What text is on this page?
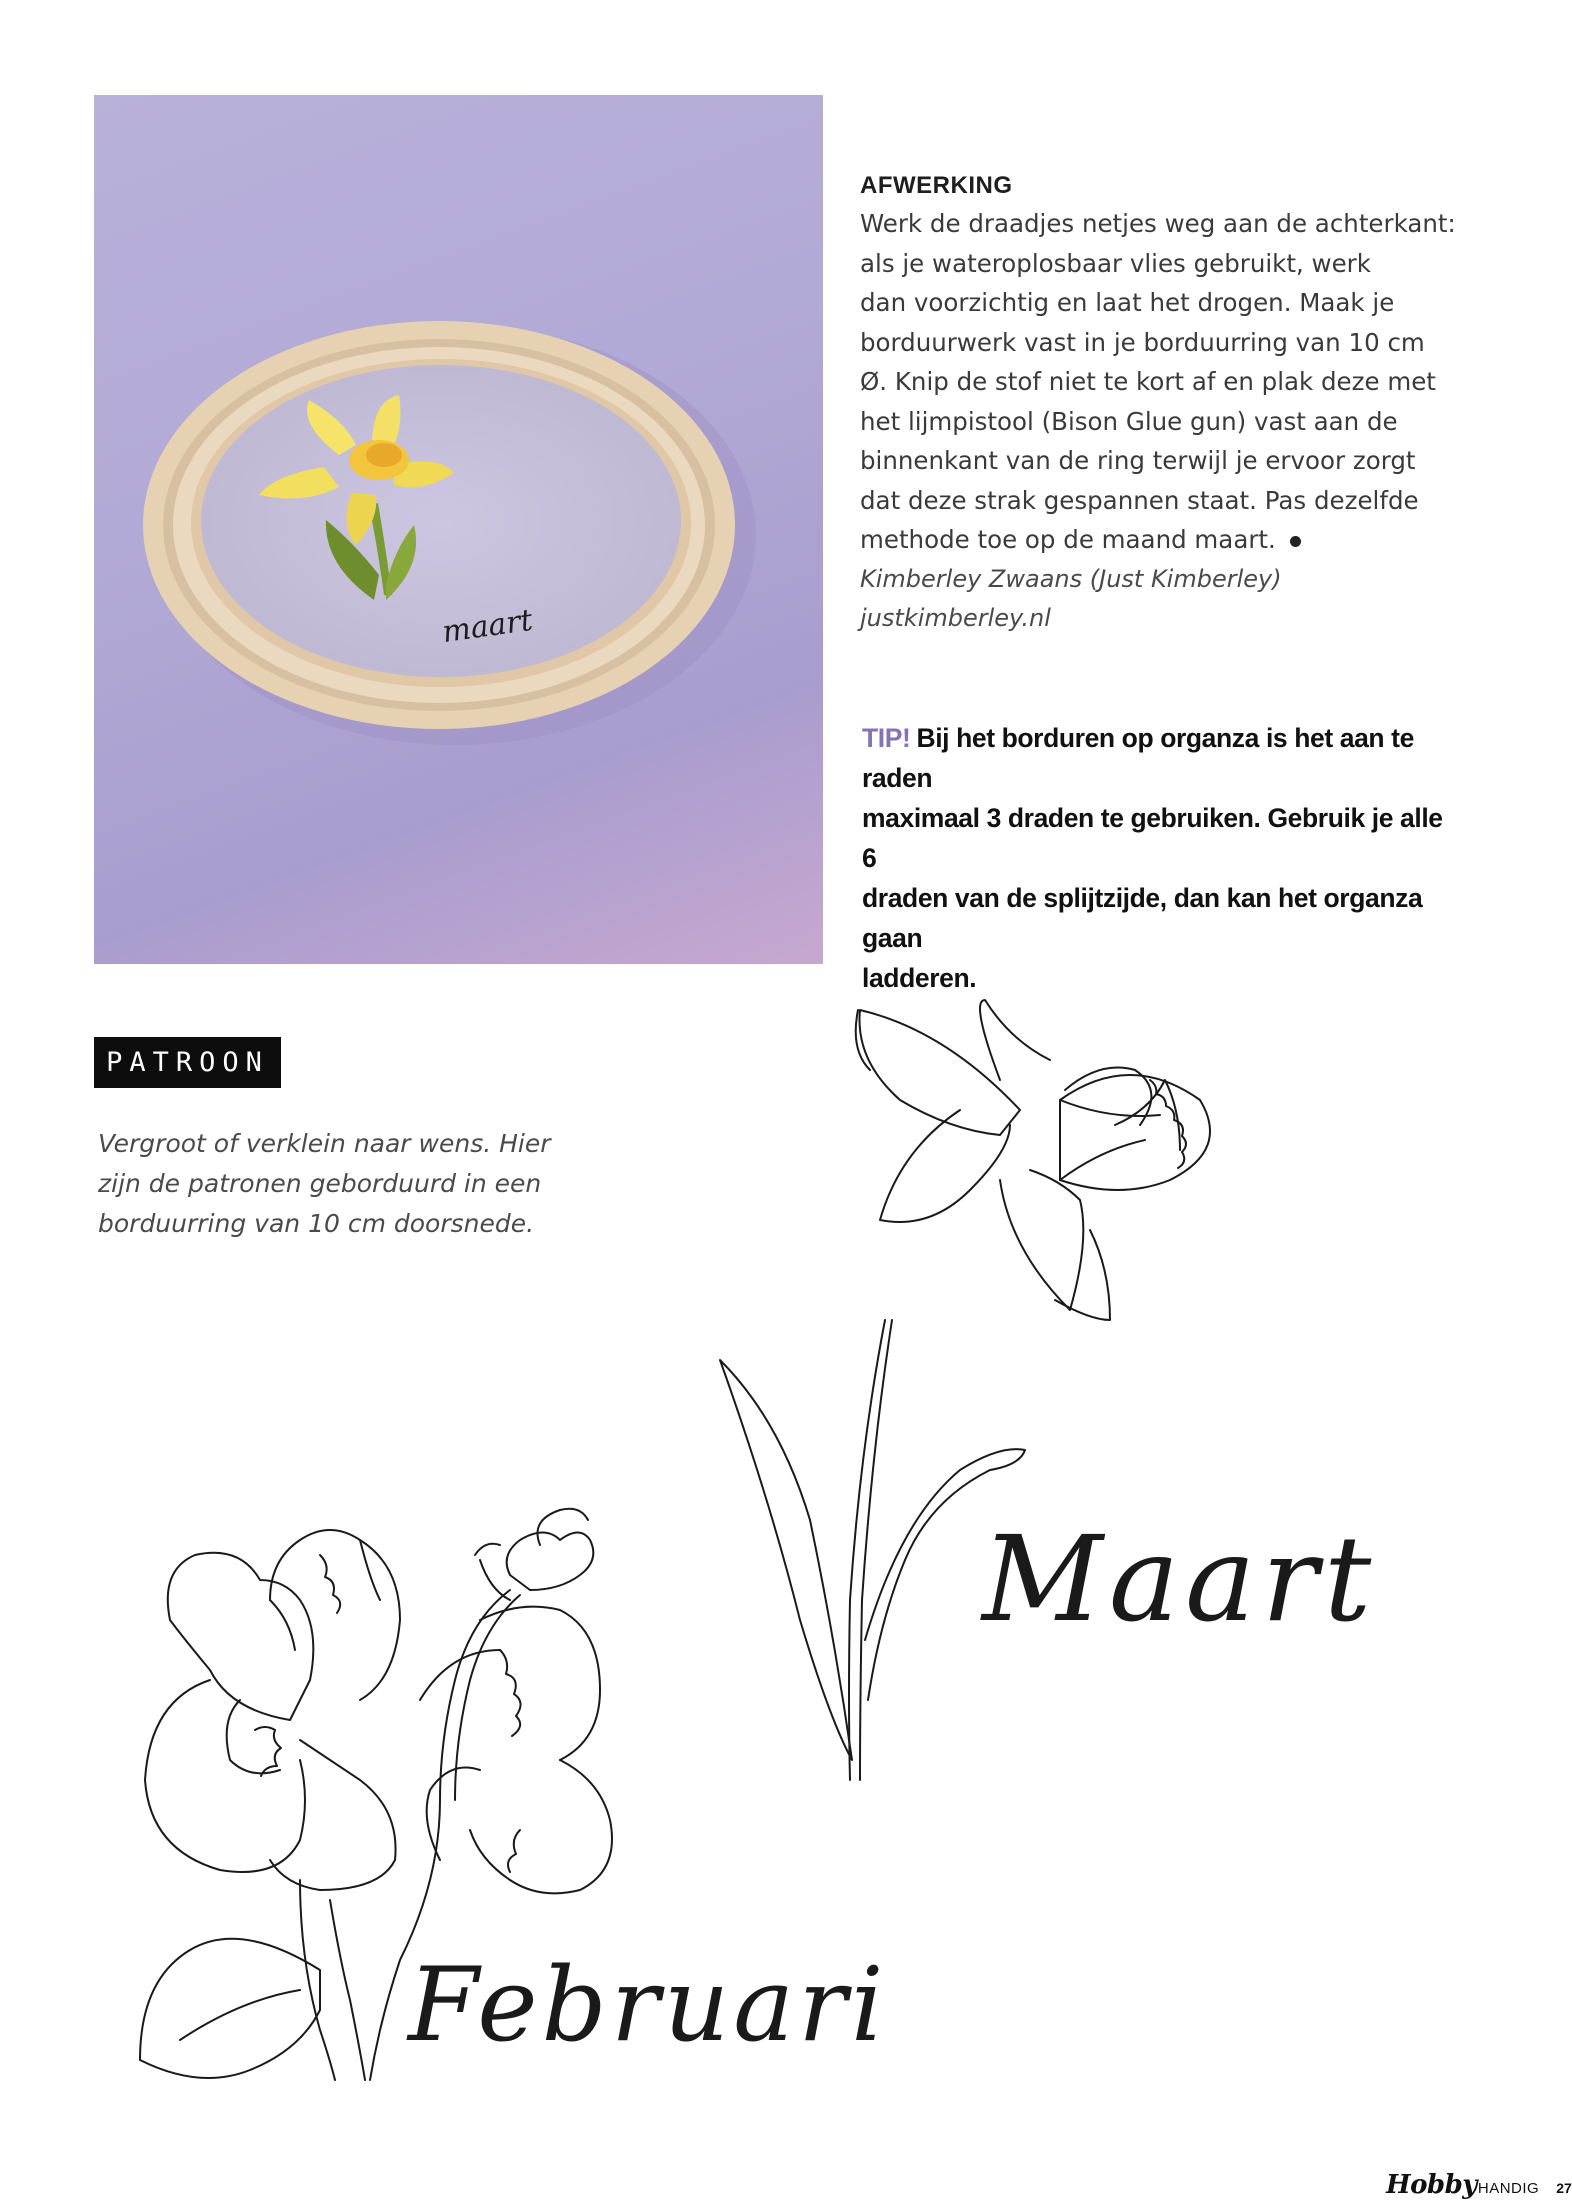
maart
AFWERKING
Werk de draadjes netjes weg aan de achterkant:
als je wateroplosbaar vlies gebruikt, werk
dan voorzichtig en laat het drogen. Maak je
borduurwerk vast in je borduurring van 10 cm
Ø. Knip de stof niet te kort af en plak deze met
het lijmpistool (Bison Glue gun) vast aan de
binnenkant van de ring terwijl je ervoor zorgt
dat deze strak gespannen staat. Pas dezelfde
methode toe op de maand maart.
Kimberley Zwaans (Just Kimberley)
justkimberley.nl
TIP! Bij het borduren op organza is het aan te raden
maximaal 3 draden te gebruiken. Gebruik je alle 6
draden van de splijtzijde, dan kan het organza gaan
ladderen.
PATROON
Vergroot of verklein naar wens. Hier
zijn de patronen geborduurd in een
borduurring van 10 cm doorsnede.
Maart
Februari
Hobby HANDIG 27
